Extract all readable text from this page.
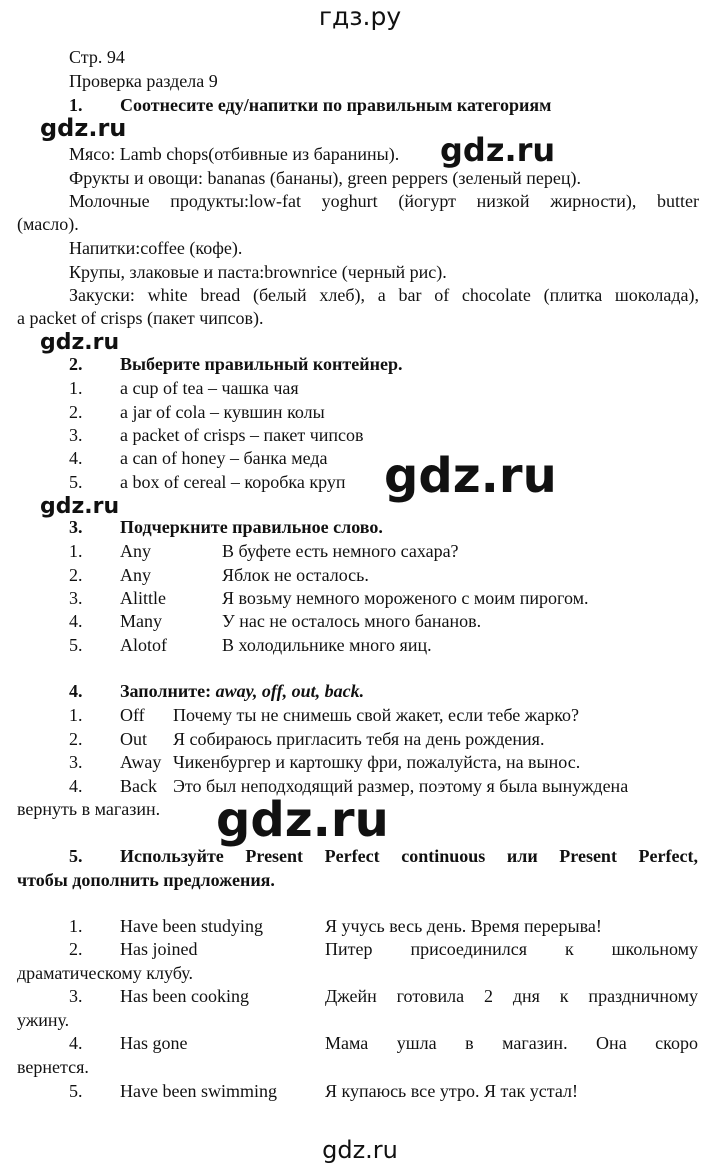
гдз.ру
Стр. 94
Проверка раздела 9
1. Соотнесите еду/напитки по правильным категориям
gdz.ru
Мясо: Lamb chops(отбивные из баранины). gdz.ru
Фрукты и овощи: bananas (бананы), green peppers (зеленый перец).
Молочные продукты:low-fat yoghurt (йогурт низкой жирности), butter
(масло).
Напитки:coffee (кофе).
Крупы, злаковые и паста:brownrice (черный рис).
Закуски: white bread (белый хлеб), a bar of chocolate (плитка шоколада),
a packet of crisps (пакет чипсов).
gdz.ru
2. Выберите правильный контейнер.
1. a cup of tea – чашка чая
2. a jar of cola – кувшин колы
3. a packet of crisps – пакет чипсов
4. a can of honey – банка меда
5. a box of cereal – коробка круп gdz.ru
gdz.ru
3. Подчеркните правильное слово.
1. Any	В буфете есть немного сахара?
2. Any	Яблок не осталось.
3. Alittle	Я возьму немного мороженого с моим пирогом.
4. Many	У нас не осталось много бананов.
5. Alotof	В холодильнике много яиц.
4. Заполните: away, off, out, back.
1. Off Почему ты не снимешь свой жакет, если тебе жарко?
2. Out Я собираюсь пригласить тебя на день рождения.
3. Away Чикенбургер и картошку фри, пожалуйста, на вынос.
4. Back Это был неподходящий размер, поэтому я была вынуждена
вернуть в магазин. gdz.ru
5. Используйте Present Perfect continuous или Present Perfect,
чтобы дополнить предложения.
1. Have been studying	Я учусь весь день. Время перерыва!
2. Has joined	Питер присоединился к школьному
драматическому клубу.
3. Has been cooking	Джейн готовила 2 дня к праздничному
ужину.
4. Has gone	Мама ушла в магазин. Она скоро
вернется.
5. Have been swimming	Я купаюсь все утро. Я так устал!
gdz.ru
